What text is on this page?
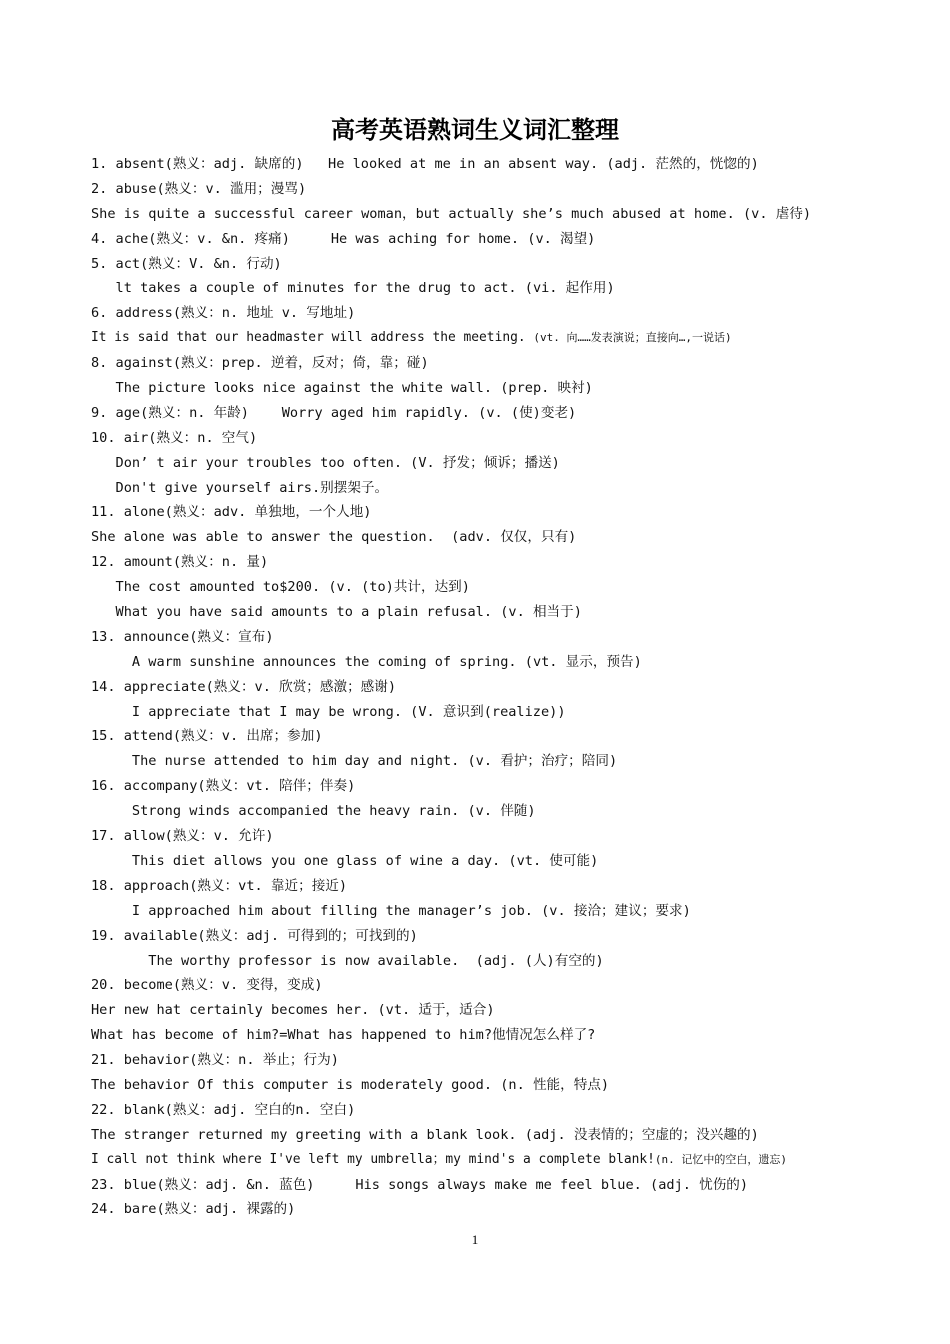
高考英语熟词生义词汇整理
1. absent(熟义：adj. 缺席的)   He looked at me in an absent way. (adj. 茫然的，恍惚的)
2. abuse(熟义：v. 滥用；漫骂)
She is quite a successful career woman，but actually she’s much abused at home. (v. 虐待)
4. ache(熟义：v. &n. 疼痛)     He was aching for home. (v. 渴望)
5. act(熟义：V. &n. 行动)
lt takes a couple of minutes for the drug to act. (vi. 起作用)
6. address(熟义：n. 地址 v. 写地址)
It is said that our headmaster will address the meeting. (vt. 向……发表演说；直接向…,一说话)
8. against(熟义：prep. 逆着，反对；倚，靠；碰)
The picture looks nice against the white wall. (prep. 映衬)
9. age(熟义：n. 年龄)    Worry aged him rapidly. (v. (使)变老)
10. air(熟义：n. 空气)
Don’ t air your troubles too often. (V. 抒发；倾诉；播送)
Don't give yourself airs.别摆架子。
11. alone(熟义：adv. 单独地，一个人地)
She alone was able to answer the question.  (adv. 仅仅，只有)
12. amount(熟义：n. 量)
The cost amounted to$200. (v. (to)共计，达到)
What you have said amounts to a plain refusal. (v. 相当于)
13. announce(熟义：宣布)
A warm sunshine announces the coming of spring. (vt. 显示，预告)
14. appreciate(熟义：v. 欣赏；感激；感谢)
I appreciate that I may be wrong. (V. 意识到(realize))
15. attend(熟义：v. 出席；参加)
The nurse attended to him day and night. (v. 看护；治疗；陪同)
16. accompany(熟义：vt. 陪伴；伴奏)
Strong winds accompanied the heavy rain. (v. 伴随)
17. allow(熟义：v. 允许)
This diet allows you one glass of wine a day. (vt. 使可能)
18. approach(熟义：vt. 靠近；接近)
I approached him about filling the manager’s job. (v. 接洽；建议；要求)
19. available(熟义：adj. 可得到的；可找到的)
The worthy professor is now available.  (adj. (人)有空的)
20. become(熟义：v. 变得，变成)
Her new hat certainly becomes her. (vt. 适于，适合)
What has become of him?=What has happened to him?他情况怎么样了?
21. behavior(熟义：n. 举止；行为)
The behavior Of this computer is moderately good. (n. 性能，特点)
22. blank(熟义：adj. 空白的n. 空白)
The stranger returned my greeting with a blank look. (adj. 没表情的；空虚的；没兴趣的)
I call not think where I've left my umbrella；my mind's a complete blank!(n. 记忆中的空白，遗忘)
23. blue(熟义：adj. &n. 蓝色)     His songs always make me feel blue. (adj. 忧伤的)
24. bare(熟义：adj. 裸露的)
1
